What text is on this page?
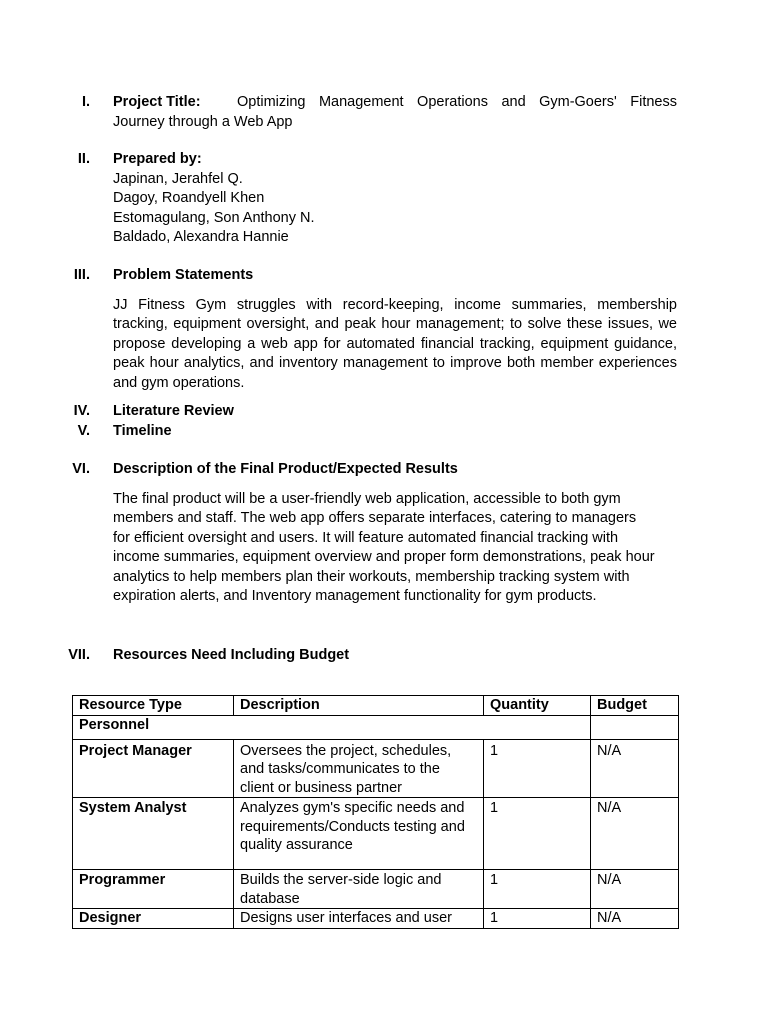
I. Project Title:	Optimizing Management Operations and Gym-Goers' Fitness
Journey through a Web App
II. Prepared by:
Japinan, Jerahfel Q.
Dagoy, Roandyell Khen
Estomagulang, Son Anthony N.
Baldado, Alexandra Hannie
III. Problem Statements
JJ Fitness Gym struggles with record-keeping, income summaries, membership tracking, equipment oversight, and peak hour management; to solve these issues, we propose developing a web app for automated financial tracking, equipment guidance, peak hour analytics, and inventory management to improve both member experiences and gym operations.
IV. Literature Review
V. Timeline
VI. Description of the Final Product/Expected Results
The final product will be a user-friendly web application, accessible to both gym
members and staff. The web app offers separate interfaces, catering to managers
for efficient oversight and users. It will feature automated financial tracking with
income summaries, equipment overview and proper form demonstrations, peak hour
analytics to help members plan their workouts, membership tracking system with
expiration alerts, and Inventory management functionality for gym products.
VII. Resources Need Including Budget
Resource Type	Description	Quantity	Budget
Personnel			
Project Manager	Oversees the project, schedules,
and tasks/communicates to the
client or business partner	1	N/A
System Analyst	Analyzes gym's specific needs and
requirements/Conducts testing and
quality assurance	1	N/A
Programmer	Builds the server-side logic and
database	1	N/A
Designer	Designs user interfaces and user	1	N/A
